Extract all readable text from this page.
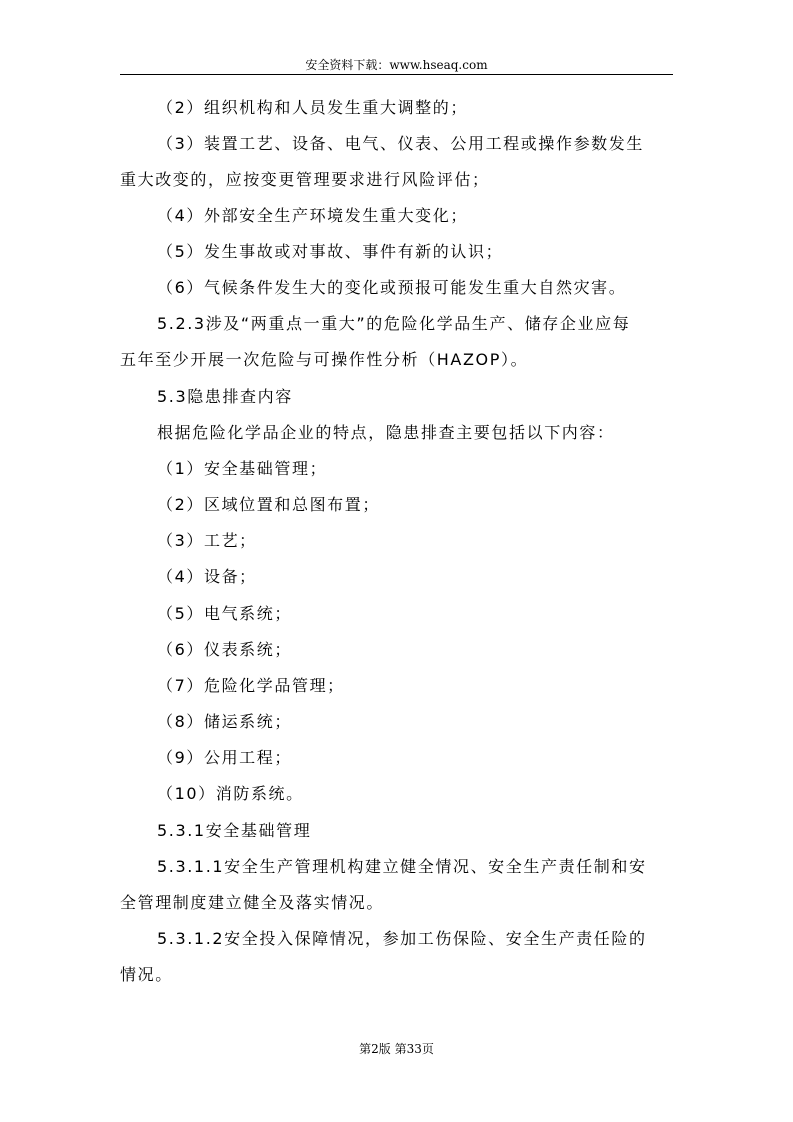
安全资料下载：www.hseaq.com
（2）组织机构和人员发生重大调整的；
（3）装置工艺、设备、电气、仪表、公用工程或操作参数发生
重大改变的，应按变更管理要求进行风险评估；
（4）外部安全生产环境发生重大变化；
（5）发生事故或对事故、事件有新的认识；
（6）气候条件发生大的变化或预报可能发生重大自然灾害。
5.2.3涉及“两重点一重大”的危险化学品生产、储存企业应每
五年至少开展一次危险与可操作性分析（HAZOP）。
5.3隐患排查内容
根据危险化学品企业的特点，隐患排查主要包括以下内容：
（1）安全基础管理；
（2）区域位置和总图布置；
（3）工艺；
（4）设备；
（5）电气系统；
（6）仪表系统；
（7）危险化学品管理；
（8）储运系统；
（9）公用工程；
（10）消防系统。
5.3.1安全基础管理
5.3.1.1安全生产管理机构建立健全情况、安全生产责任制和安
全管理制度建立健全及落实情况。
5.3.1.2安全投入保障情况，参加工伤保险、安全生产责任险的
情况。
第2版 第33页
